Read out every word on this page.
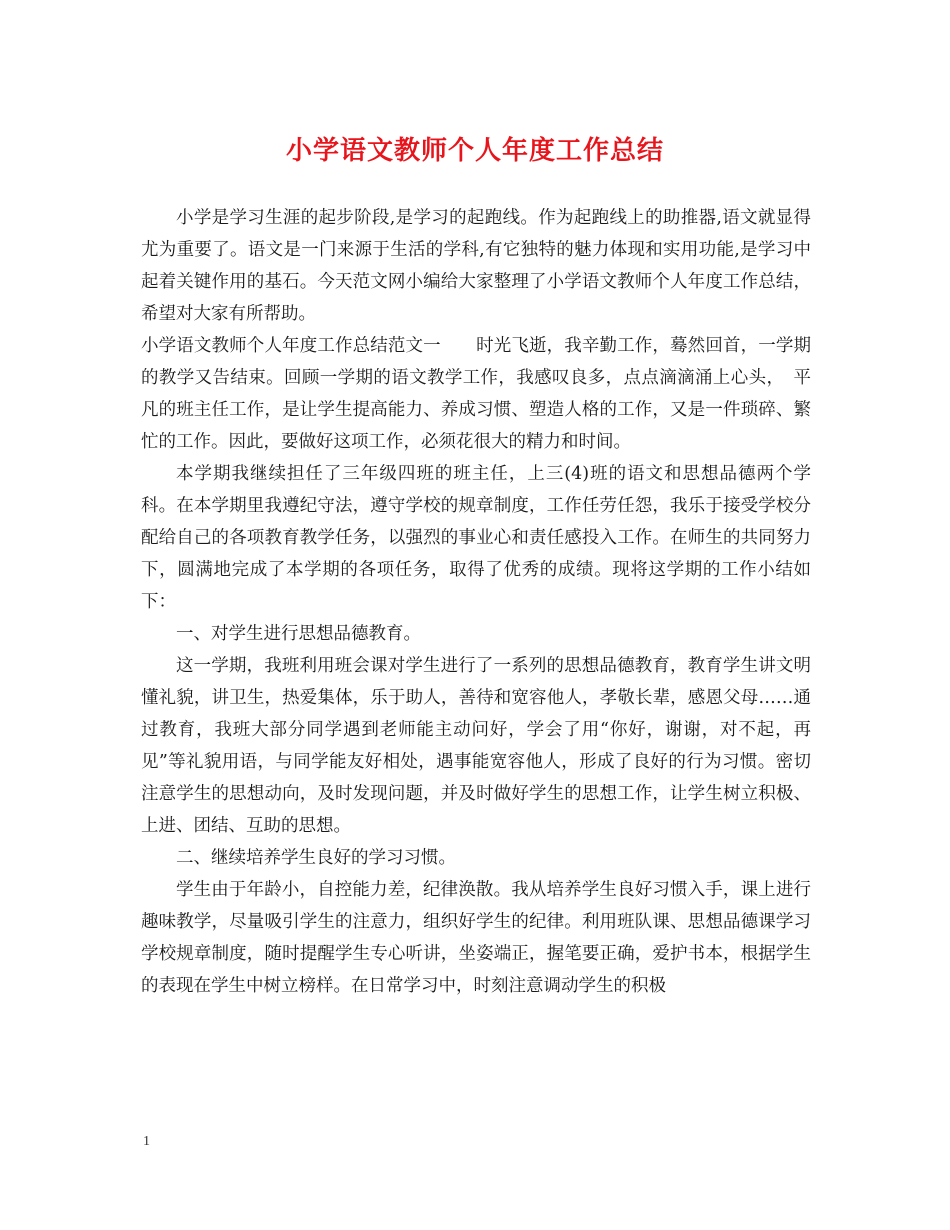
小学语文教师个人年度工作总结

小学是学习生涯的起步阶段,是学习的起跑线。作为起跑线上的助推器,语文就显得尤为重要了。语文是一门来源于生活的学科,有它独特的魅力体现和实用功能,是学习中起着关键作用的基石。今天范文网小编给大家整理了小学语文教师个人年度工作总结，希望对大家有所帮助。

小学语文教师个人年度工作总结范文一　　时光飞逝，我辛勤工作，蓦然回首，一学期的教学又告结束。回顾一学期的语文教学工作，我感叹良多，点点滴滴涌上心头，　平凡的班主任工作，是让学生提高能力、养成习惯、塑造人格的工作，又是一件琐碎、繁忙的工作。因此，要做好这项工作，必须花很大的精力和时间。

本学期我继续担任了三年级四班的班主任，上三(4)班的语文和思想品德两个学科。在本学期里我遵纪守法，遵守学校的规章制度，工作任劳任怨，我乐于接受学校分配给自己的各项教育教学任务，以强烈的事业心和责任感投入工作。在师生的共同努力下，圆满地完成了本学期的各项任务，取得了优秀的成绩。现将这学期的工作小结如下：

一、对学生进行思想品德教育。

这一学期，我班利用班会课对学生进行了一系列的思想品德教育，教育学生讲文明懂礼貌，讲卫生，热爱集体，乐于助人，善待和宽容他人，孝敬长辈，感恩父母……通过教育，我班大部分同学遇到老师能主动问好，学会了用“你好，谢谢，对不起，再见”等礼貌用语，与同学能友好相处，遇事能宽容他人，形成了良好的行为习惯。密切注意学生的思想动向，及时发现问题，并及时做好学生的思想工作，让学生树立积极、上进、团结、互助的思想。

二、继续培养学生良好的学习习惯。

学生由于年龄小，自控能力差，纪律涣散。我从培养学生良好习惯入手，课上进行趣味教学，尽量吸引学生的注意力，组织好学生的纪律。利用班队课、思想品德课学习学校规章制度，随时提醒学生专心听讲，坐姿端正，握笔要正确，爱护书本，根据学生的表现在学生中树立榜样。在日常学习中，时刻注意调动学生的积极

1
